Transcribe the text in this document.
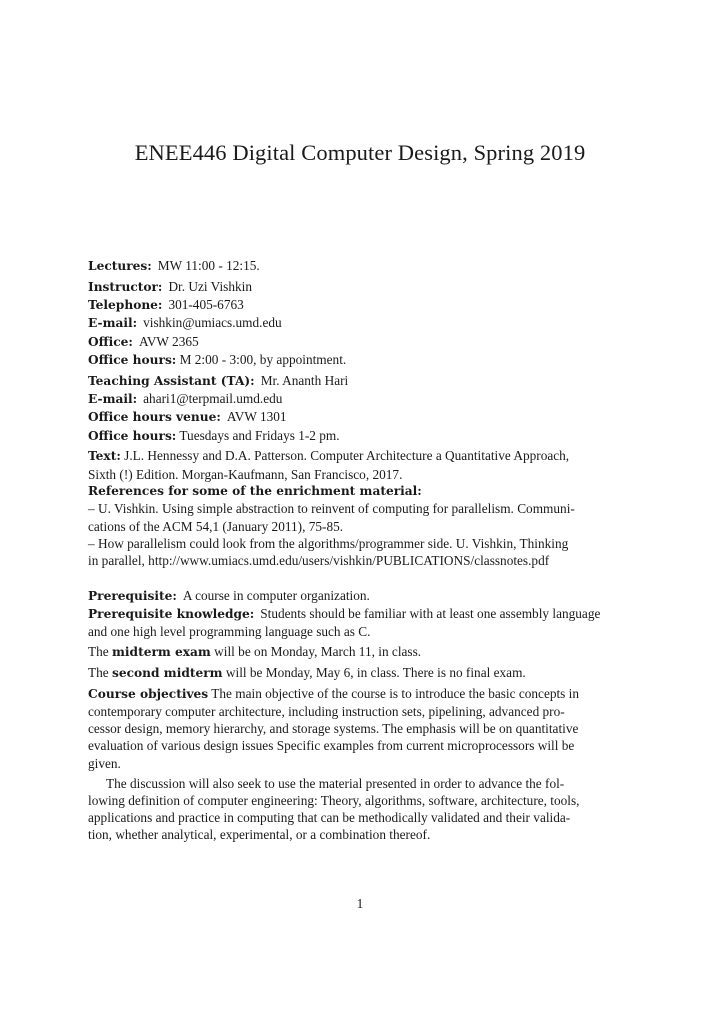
ENEE446 Digital Computer Design, Spring 2019
Lectures: MW 11:00 - 12:15.
Instructor: Dr. Uzi Vishkin
Telephone: 301-405-6763
E-mail: vishkin@umiacs.umd.edu
Office: AVW 2365
Office hours: M 2:00 - 3:00, by appointment.
Teaching Assistant (TA): Mr. Ananth Hari
E-mail: ahari1@terpmail.umd.edu
Office hours venue: AVW 1301
Office hours: Tuesdays and Fridays 1-2 pm.
Text: J.L. Hennessy and D.A. Patterson. Computer Architecture a Quantitative Approach,
Sixth (!) Edition. Morgan-Kaufmann, San Francisco, 2017.
References for some of the enrichment material:
– U. Vishkin. Using simple abstraction to reinvent of computing for parallelism. Communi-
cations of the ACM 54,1 (January 2011), 75-85.
– How parallelism could look from the algorithms/programmer side. U. Vishkin, Thinking
in parallel, http://www.umiacs.umd.edu/users/vishkin/PUBLICATIONS/classnotes.pdf
Prerequisite: A course in computer organization.
Prerequisite knowledge: Students should be familiar with at least one assembly language
and one high level programming language such as C.
The midterm exam will be on Monday, March 11, in class.
The second midterm will be Monday, May 6, in class. There is no final exam.
Course objectives The main objective of the course is to introduce the basic concepts in
contemporary computer architecture, including instruction sets, pipelining, advanced pro-
cessor design, memory hierarchy, and storage systems. The emphasis will be on quantitative
evaluation of various design issues Specific examples from current microprocessors will be
given.
The discussion will also seek to use the material presented in order to advance the fol-
lowing definition of computer engineering: Theory, algorithms, software, architecture, tools,
applications and practice in computing that can be methodically validated and their valida-
tion, whether analytical, experimental, or a combination thereof.
1
